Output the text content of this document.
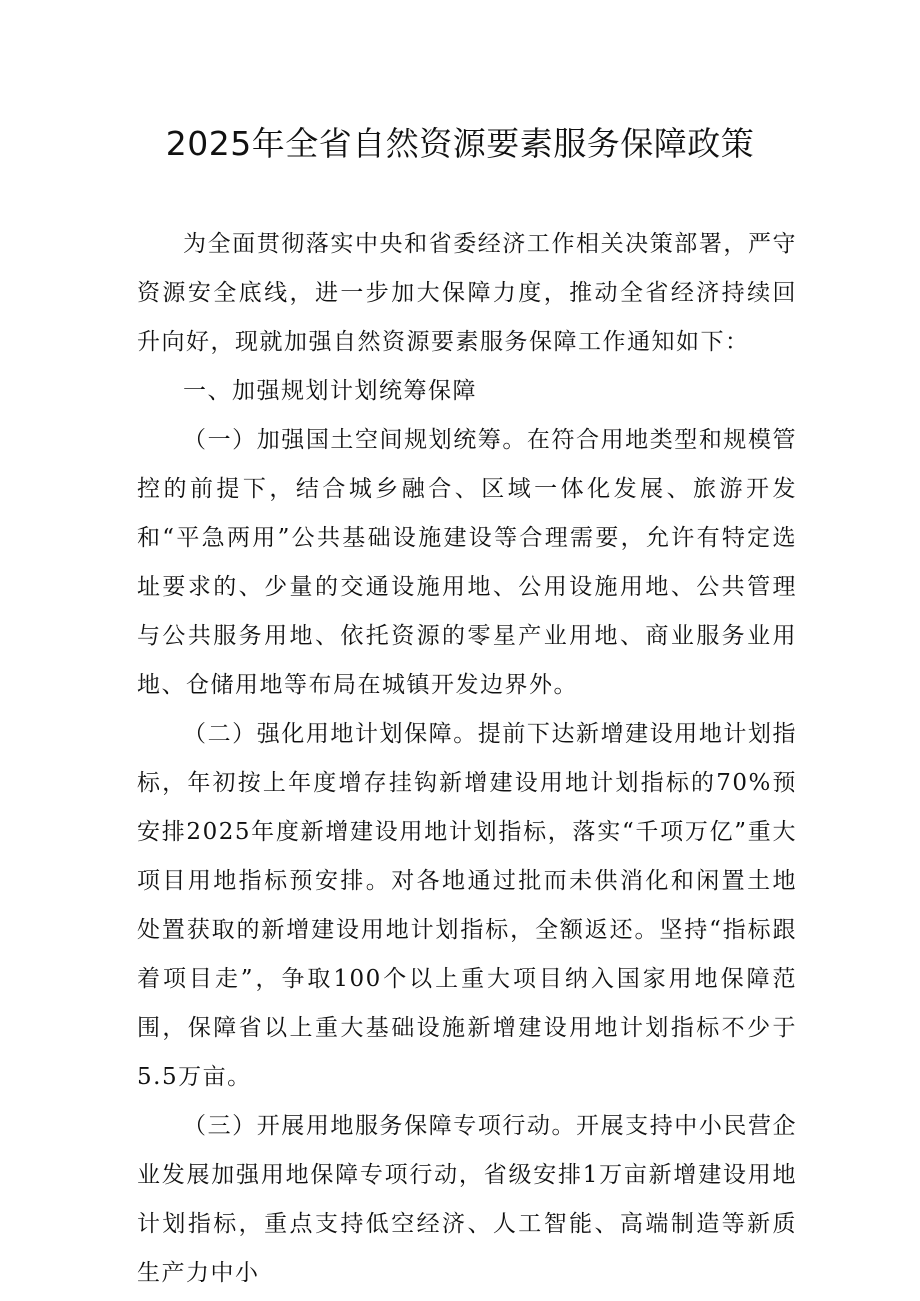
2025年全省自然资源要素服务保障政策

为全面贯彻落实中央和省委经济工作相关决策部署，严守资源安全底线，进一步加大保障力度，推动全省经济持续回升向好，现就加强自然资源要素服务保障工作通知如下：

一、加强规划计划统筹保障

（一）加强国土空间规划统筹。在符合用地类型和规模管控的前提下，结合城乡融合、区域一体化发展、旅游开发和“平急两用”公共基础设施建设等合理需要，允许有特定选址要求的、少量的交通设施用地、公用设施用地、公共管理与公共服务用地、依托资源的零星产业用地、商业服务业用地、仓储用地等布局在城镇开发边界外。

（二）强化用地计划保障。提前下达新增建设用地计划指标，年初按上年度增存挂钩新增建设用地计划指标的70%预安排2025年度新增建设用地计划指标，落实“千项万亿”重大项目用地指标预安排。对各地通过批而未供消化和闲置土地处置获取的新增建设用地计划指标，全额返还。坚持“指标跟着项目走”，争取100个以上重大项目纳入国家用地保障范围，保障省以上重大基础设施新增建设用地计划指标不少于5.5万亩。

（三）开展用地服务保障专项行动。开展支持中小民营企业发展加强用地保障专项行动，省级安排1万亩新增建设用地计划指标，重点支持低空经济、人工智能、高端制造等新质生产力中小
